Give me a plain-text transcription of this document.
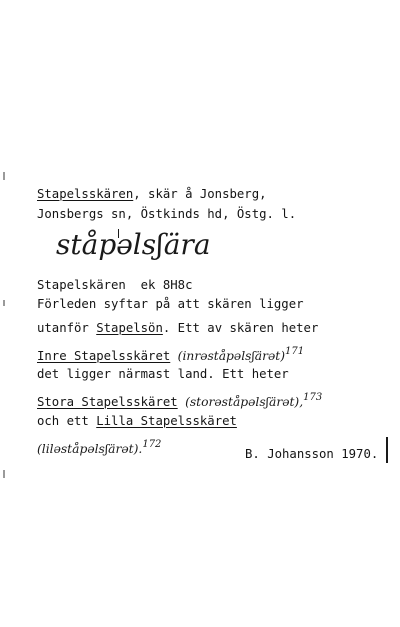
Stapelsskären, skär å Jonsberg,

Jonsbergs sn, Östkinds hd, Östg. l.

ståpəlsʃära

Stapelskären  ek 8H8c

Förleden syftar på att skären ligger

utanför Stapelsön. Ett av skären heter

Inre Stapelsskäret (inrəståpəlsʃärət)$^{171}$

det ligger närmast land. Ett heter

Stora Stapelsskäret (storəståpəlsʃärət),$^{173}$

och ett Lilla Stapelsskäret

(liləståpəlsʃärət).$^{172}$

B. Johansson 1970.
